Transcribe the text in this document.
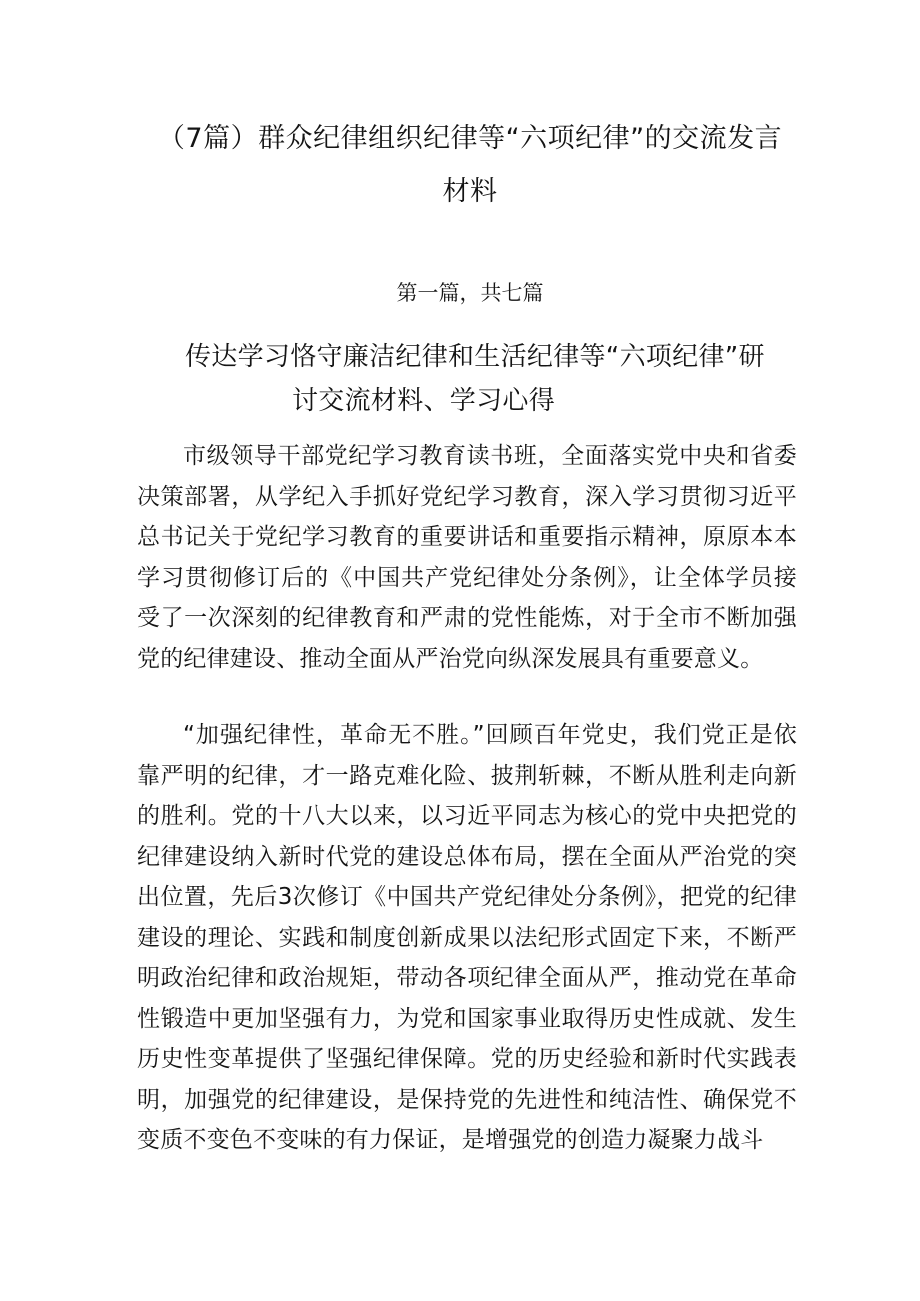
（7篇）群众纪律组织纪律等“六项纪律”的交流发言材料
第一篇，共七篇
传达学习恪守廉洁纪律和生活纪律等“六项纪律”研
讨交流材料、学习心得

市级领导干部党纪学习教育读书班，全面落实党中央和省委决策部署，从学纪入手抓好党纪学习教育，深入学习贯彻习近平总书记关于党纪学习教育的重要讲话和重要指示精神，原原本本学习贯彻修订后的《中国共产党纪律处分条例》，让全体学员接受了一次深刻的纪律教育和严肃的党性能炼，对于全市不断加强党的纪律建设、推动全面从严治党向纵深发展具有重要意义。

“加强纪律性，革命无不胜。”回顾百年党史，我们党正是依靠严明的纪律，才一路克难化险、披荆斩棘，不断从胜利走向新的胜利。党的十八大以来，以习近平同志为核心的党中央把党的纪律建设纳入新时代党的建设总体布局，摆在全面从严治党的突出位置，先后3次修订《中国共产党纪律处分条例》，把党的纪律建设的理论、实践和制度创新成果以法纪形式固定下来，不断严明政治纪律和政治规矩，带动各项纪律全面从严，推动党在革命性锻造中更加坚强有力，为党和国家事业取得历史性成就、发生历史性变革提供了坚强纪律保障。党的历史经验和新时代实践表明，加强党的纪律建设，是保持党的先进性和纯洁性、确保党不变质不变色不变味的有力保证，是增强党的创造力凝聚力战斗
